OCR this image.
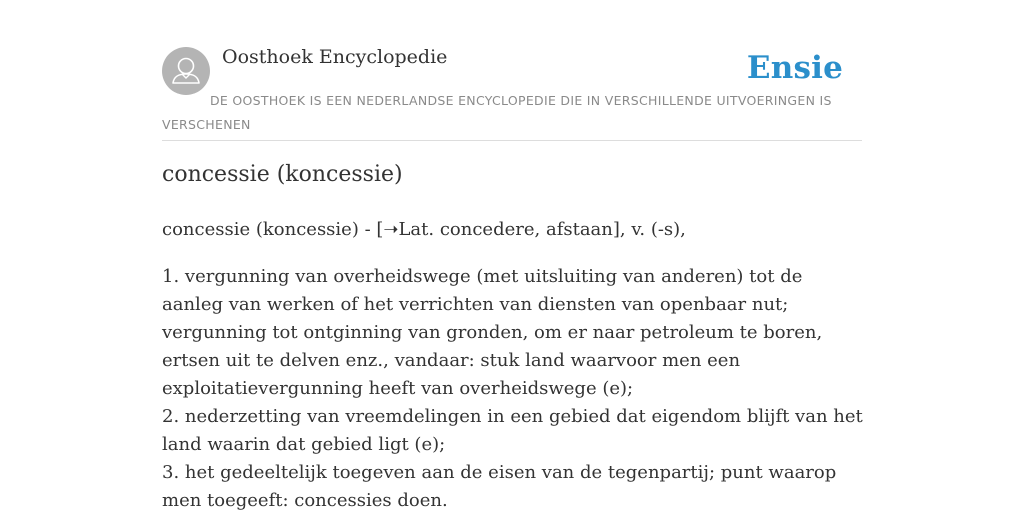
Oosthoek Encyclopedie	Ensie
DE OOSTHOEK IS EEN NEDERLANDSE ENCYCLOPEDIE DIE IN VERSCHILLENDE UITVOERINGEN IS VERSCHENEN
concessie (koncessie)
concessie (koncessie) - [➝Lat. concedere, afstaan], v. (-s),
1. vergunning van overheidswege (met uitsluiting van anderen) tot de aanleg van werken of het verrichten van diensten van openbaar nut; vergunning tot ontginning van gronden, om er naar petroleum te boren, ertsen uit te delven enz., vandaar: stuk land waarvoor men een exploitatievergunning heeft van overheidswege (e);
2. nederzetting van vreemdelingen in een gebied dat eigendom blijft van het land waarin dat gebied ligt (e);
3. het gedeeltelijk toegeven aan de eisen van de tegenpartij; punt waarop men toegeeft: concessies doen.
